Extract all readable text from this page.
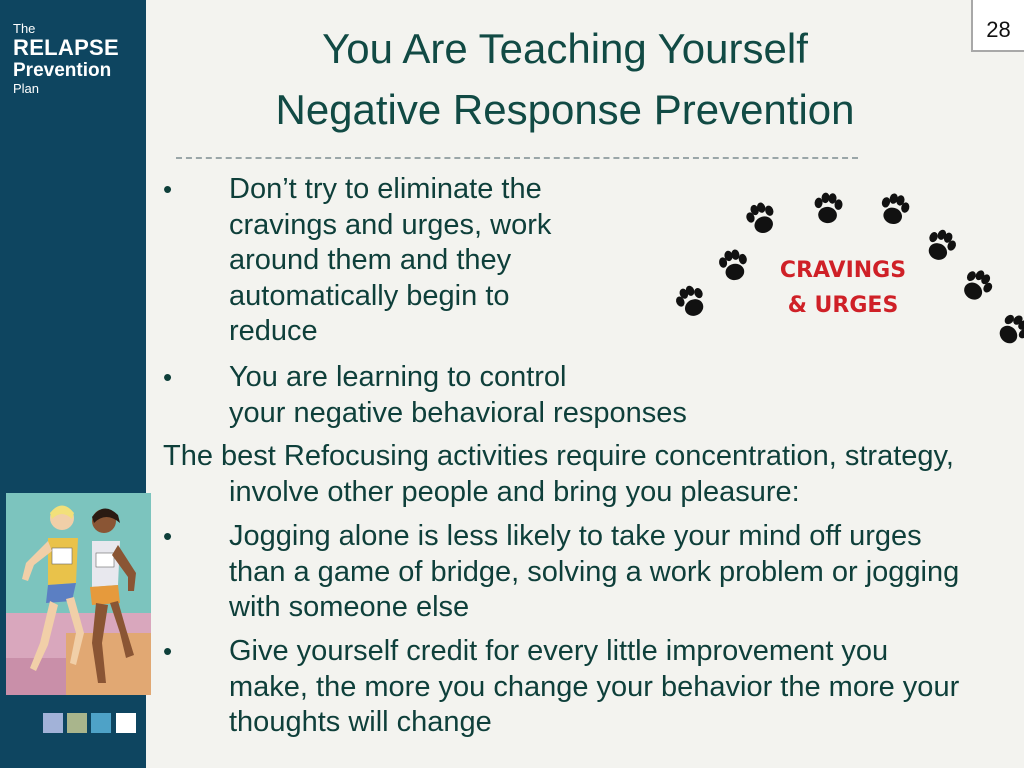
The
RELAPSE
Prevention
Plan
28
You Are Teaching Yourself
Negative Response Prevention
• Don’t try to eliminate the
cravings and urges, work
around them and they
automatically begin to
reduce
• You are learning to control
your negative behavioral responses
The best Refocusing activities require concentration, strategy,
involve other people and bring you pleasure:
• Jogging alone is less likely to take your mind off urges
than a game of bridge, solving a work problem or jogging
with someone else
• Give yourself credit for every little improvement you
make, the more you change your behavior the more your
thoughts will change
CRAVINGS
& URGES
